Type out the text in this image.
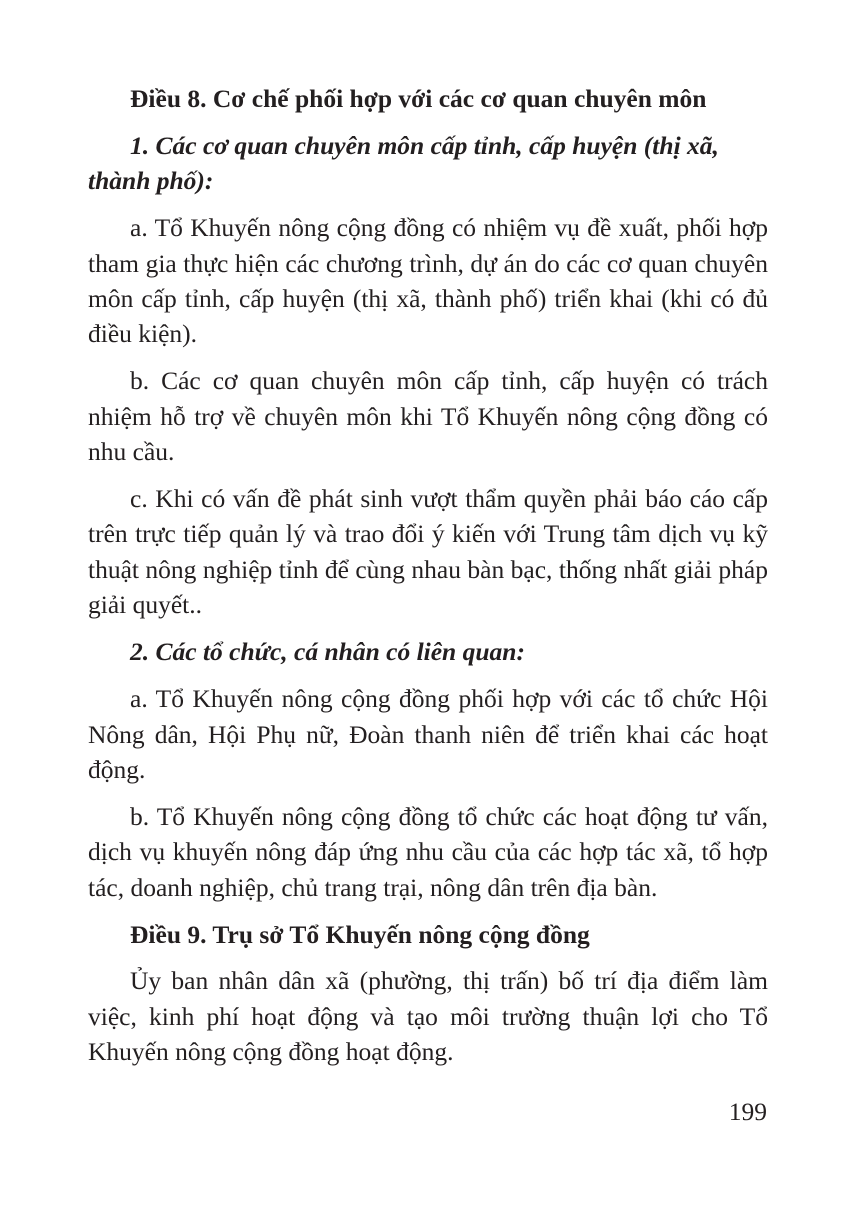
Điều 8. Cơ chế phối hợp với các cơ quan chuyên môn

1. Các cơ quan chuyên môn cấp tỉnh, cấp huyện (thị xã, thành phố):

a. Tổ Khuyến nông cộng đồng có nhiệm vụ đề xuất, phối hợp tham gia thực hiện các chương trình, dự án do các cơ quan chuyên môn cấp tỉnh, cấp huyện (thị xã, thành phố) triển khai (khi có đủ điều kiện).

b. Các cơ quan chuyên môn cấp tỉnh, cấp huyện có trách nhiệm hỗ trợ về chuyên môn khi Tổ Khuyến nông cộng đồng có nhu cầu.

c. Khi có vấn đề phát sinh vượt thẩm quyền phải báo cáo cấp trên trực tiếp quản lý và trao đổi ý kiến với Trung tâm dịch vụ kỹ thuật nông nghiệp tỉnh để cùng nhau bàn bạc, thống nhất giải pháp giải quyết..

2. Các tổ chức, cá nhân có liên quan:

a. Tổ Khuyến nông cộng đồng phối hợp với các tổ chức Hội Nông dân, Hội Phụ nữ, Đoàn thanh niên để triển khai các hoạt động.

b. Tổ Khuyến nông cộng đồng tổ chức các hoạt động tư vấn, dịch vụ khuyến nông đáp ứng nhu cầu của các hợp tác xã, tổ hợp tác, doanh nghiệp, chủ trang trại, nông dân trên địa bàn.

Điều 9. Trụ sở Tổ Khuyến nông cộng đồng

Ủy ban nhân dân xã (phường, thị trấn) bố trí địa điểm làm việc, kinh phí hoạt động và tạo môi trường thuận lợi cho Tổ Khuyến nông cộng đồng hoạt động.

199
